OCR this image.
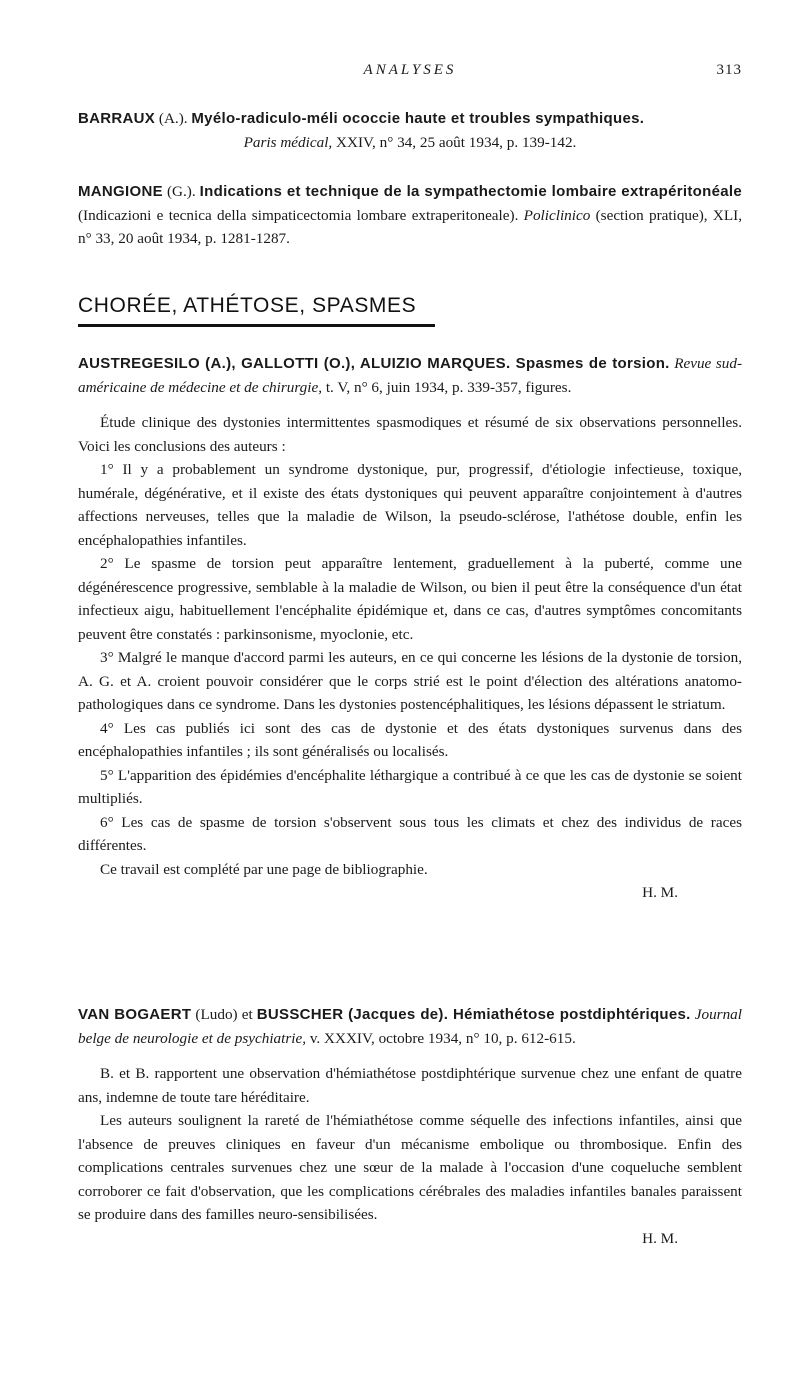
ANALYSES	313

BARRAUX (A.). Myélo-radiculo-méli ococcie haute et troubles sympathiques.

Paris médical, XXIV, n° 34, 25 août 1934, p. 139-142.

MANGIONE (G.). Indications et technique de la sympathectomie lombaire extrapéritonéale (Indicazioni e tecnica della simpaticectomia lombare extraperitoneale). Policlinico (section pratique), XLI, n° 33, 20 août 1934, p. 1281-1287.

CHORÉE, ATHÉTOSE, SPASMES

AUSTREGESILO (A.), GALLOTTI (O.), ALUIZIO MARQUES. Spasmes de torsion. Revue sud-américaine de médecine et de chirurgie, t. V, n° 6, juin 1934, p. 339-357, figures.

Étude clinique des dystonies intermittentes spasmodiques et résumé de six observations personnelles. Voici les conclusions des auteurs :

1° Il y a probablement un syndrome dystonique, pur, progressif, d'étiologie infectieuse, toxique, humérale, dégénérative, et il existe des états dystoniques qui peuvent apparaître conjointement à d'autres affections nerveuses, telles que la maladie de Wilson, la pseudo-sclérose, l'athétose double, enfin les encéphalopathies infantiles.

2° Le spasme de torsion peut apparaître lentement, graduellement à la puberté, comme une dégénérescence progressive, semblable à la maladie de Wilson, ou bien il peut être la conséquence d'un état infectieux aigu, habituellement l'encéphalite épidémique et, dans ce cas, d'autres symptômes concomitants peuvent être constatés : parkinsonisme, myoclonie, etc.

3° Malgré le manque d'accord parmi les auteurs, en ce qui concerne les lésions de la dystonie de torsion, A. G. et A. croient pouvoir considérer que le corps strié est le point d'élection des altérations anatomo-pathologiques dans ce syndrome. Dans les dystonies postencéphalitiques, les lésions dépassent le striatum.

4° Les cas publiés ici sont des cas de dystonie et des états dystoniques survenus dans des encéphalopathies infantiles ; ils sont généralisés ou localisés.

5° L'apparition des épidémies d'encéphalite léthargique a contribué à ce que les cas de dystonie se soient multipliés.

6° Les cas de spasme de torsion s'observent sous tous les climats et chez des individus de races différentes.

Ce travail est complété par une page de bibliographie.

H. M.

VAN BOGAERT (Ludo) et BUSSCHER (Jacques de). Hémiathétose postdiphtériques. Journal belge de neurologie et de psychiatrie, v. XXXIV, octobre 1934, n° 10, p. 612-615.

B. et B. rapportent une observation d'hémiathétose postdiphtérique survenue chez une enfant de quatre ans, indemne de toute tare héréditaire.

Les auteurs soulignent la rareté de l'hémiathétose comme séquelle des infections infantiles, ainsi que l'absence de preuves cliniques en faveur d'un mécanisme embolique ou thrombosique. Enfin des complications centrales survenues chez une sœur de la malade à l'occasion d'une coqueluche semblent corroborer ce fait d'observation, que les complications cérébrales des maladies infantiles banales paraissent se produire dans des familles neuro-sensibilisées.

H. M.
